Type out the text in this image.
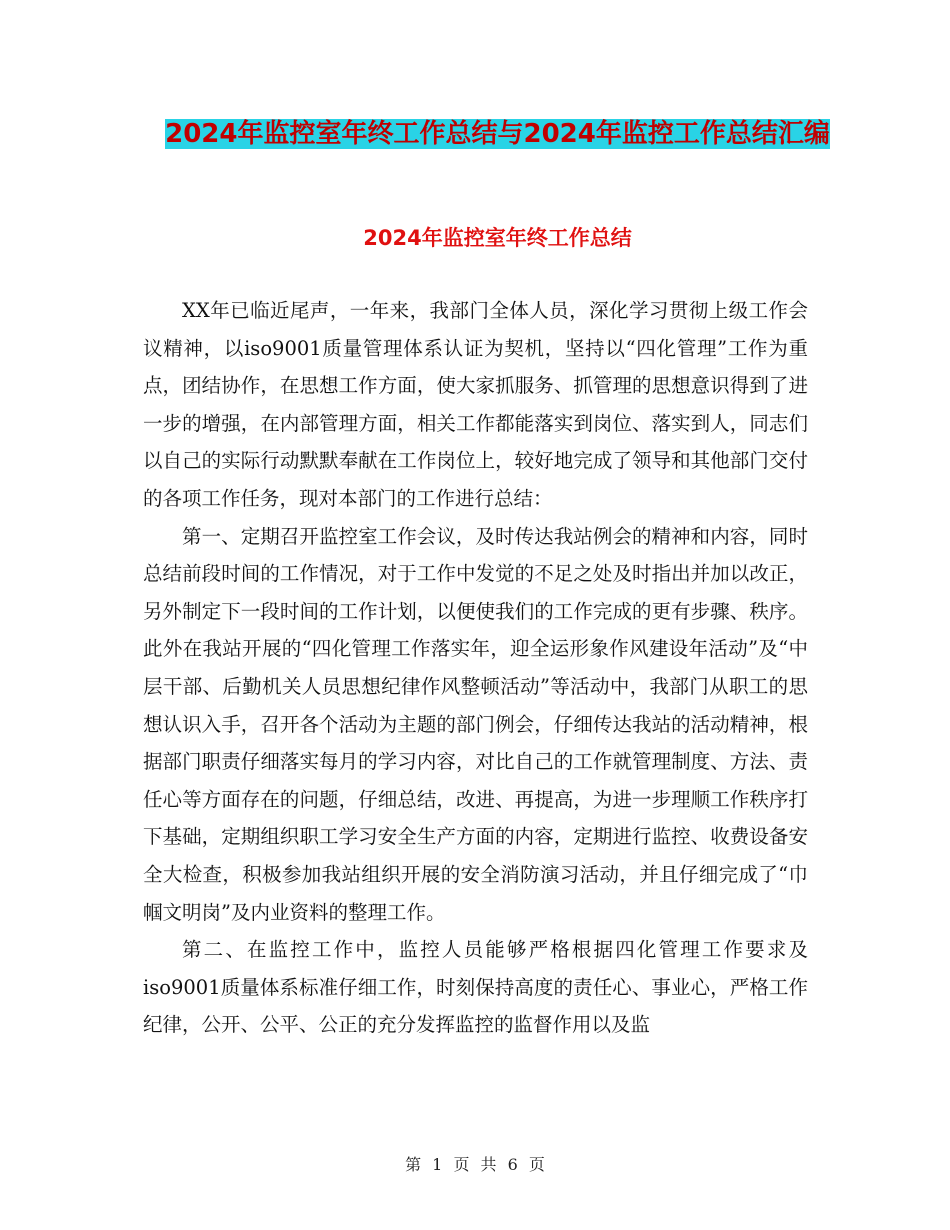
2024年监控室年终工作总结与2024年监控工作总结汇编
2024年监控室年终工作总结

XX年已临近尾声，一年来，我部门全体人员，深化学习贯彻上级工作会议精神，以iso9001质量管理体系认证为契机，坚持以“四化管理”工作为重点，团结协作，在思想工作方面，使大家抓服务、抓管理的思想意识得到了进一步的增强，在内部管理方面，相关工作都能落实到岗位、落实到人，同志们以自己的实际行动默默奉献在工作岗位上，较好地完成了领导和其他部门交付的各项工作任务，现对本部门的工作进行总结：

第一、定期召开监控室工作会议，及时传达我站例会的精神和内容，同时总结前段时间的工作情况，对于工作中发觉的不足之处及时指出并加以改正，另外制定下一段时间的工作计划，以便使我们的工作完成的更有步骤、秩序。此外在我站开展的“四化管理工作落实年，迎全运形象作风建设年活动”及“中层干部、后勤机关人员思想纪律作风整顿活动”等活动中，我部门从职工的思想认识入手，召开各个活动为主题的部门例会，仔细传达我站的活动精神，根据部门职责仔细落实每月的学习内容，对比自己的工作就管理制度、方法、责任心等方面存在的问题，仔细总结，改进、再提高，为进一步理顺工作秩序打下基础，定期组织职工学习安全生产方面的内容，定期进行监控、收费设备安全大检查，积极参加我站组织开展的安全消防演习活动，并且仔细完成了“巾帼文明岗”及内业资料的整理工作。

第二、在监控工作中，监控人员能够严格根据四化管理工作要求及iso9001质量体系标准仔细工作，时刻保持高度的责任心、事业心，严格工作纪律，公开、公平、公正的充分发挥监控的监督作用以及监

第 1 页 共 6 页
